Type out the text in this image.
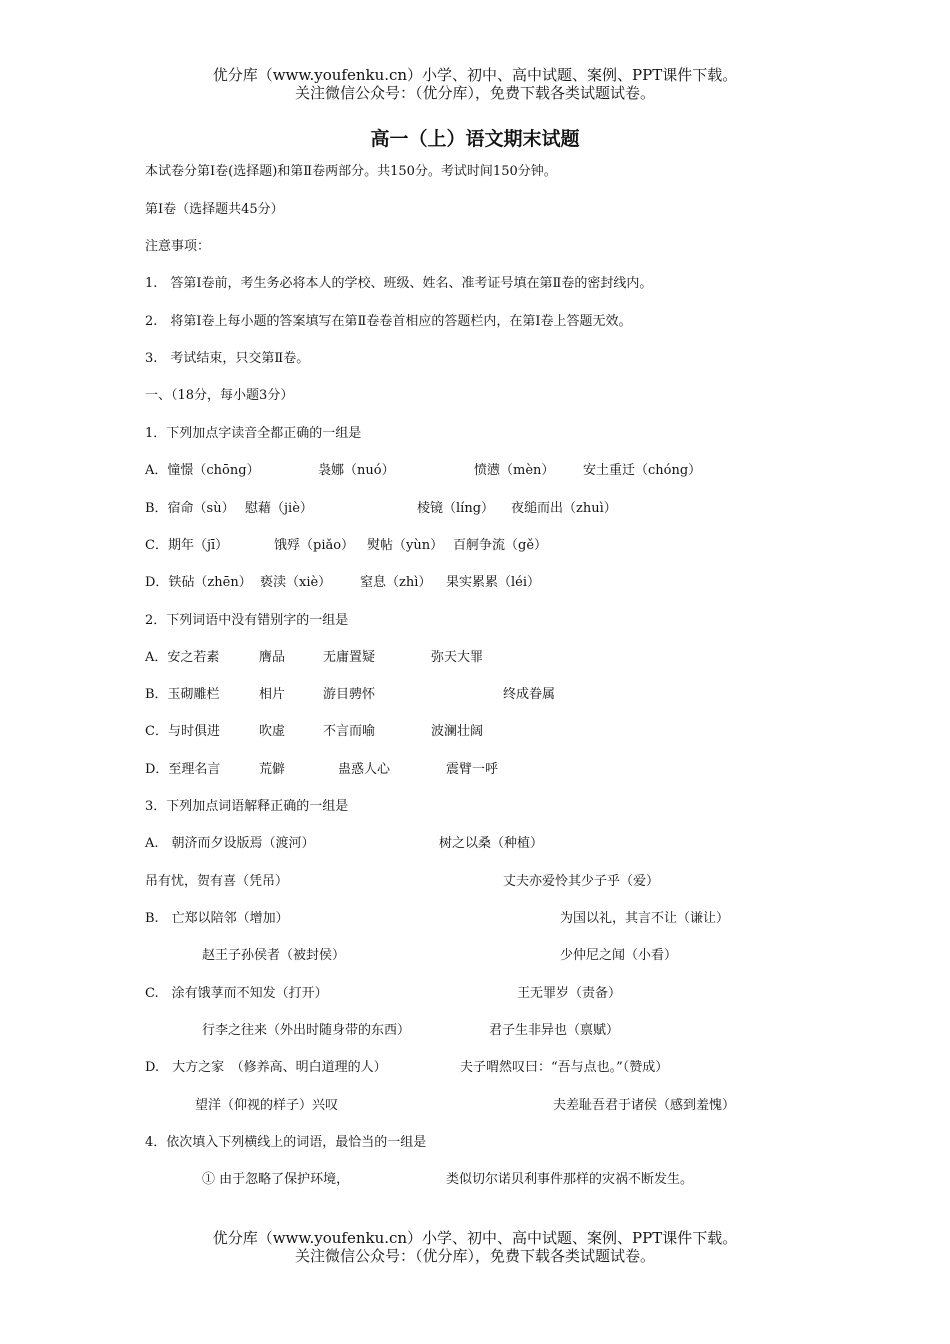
优分库（www.youfenku.cn）小学、初中、高中试题、案例、PPT课件下载。
关注微信公众号：（优分库），免费下载各类试题试卷。
高一（上）语文期末试题
本试卷分第Ⅰ卷(选择题)和第Ⅱ卷两部分。共150分。考试时间150分钟。
第Ⅰ卷（选择题共45分）
注意事项：
1.　答第Ⅰ卷前，考生务必将本人的学校、班级、姓名、准考证号填在第Ⅱ卷的密封线内。
2.　将第Ⅰ卷上每小题的答案填写在第Ⅱ卷卷首相应的答题栏内，在第Ⅰ卷上答题无效。
3.　考试结束，只交第Ⅱ卷。
一、（18分，每小题3分）
1．下列加点字读音全都正确的一组是
A．憧憬（chōng）	袅娜（nuó）	愤懑（mèn） 安土重迁（chóng）
B．宿命（sù） 慰藉（jiè）	棱镜（líng） 夜缒而出（zhuì）
C．期年（jī）	饿殍（piǎo） 熨帖（yùn） 百舸争流（gě）
D．铁砧（zhēn） 亵渎（xiè） 窒息（zhì） 果实累累（léi）
2．下列词语中没有错别字的一组是
A．安之若素	膺品	无庸置疑	弥天大罪
B．玉砌雕栏	相片	游目骋怀	终成眷属
C．与时俱进	吹虚	不言而喻	波澜壮阔
D．至理名言	荒僻	蛊惑人心	震臂一呼
3．下列加点词语解释正确的一组是
A.　朝济而夕设版焉（渡河）	树之以桑（种植）
吊有忧，贺有喜（凭吊）	丈夫亦爱怜其少子乎（爱）
B.　亡郑以陪邻（增加）	为国以礼，其言不让（谦让）
赵王子孙侯者（被封侯）	少仲尼之闻（小看）
C.　涂有饿莩而不知发（打开）	王无罪岁（责备）
行李之往来（外出时随身带的东西）	君子生非异也（禀赋）
D.　大方之家　（修养高、明白道理的人）	夫子喟然叹曰：“吾与点也。”（赞成）
望洋（仰视的样子）兴叹	夫差耻吾君于诸侯（感到羞愧）
4．依次填入下列横线上的词语，最恰当的一组是
① 由于忽略了保护环境，	类似切尔诺贝利事件那样的灾祸不断发生。
优分库（www.youfenku.cn）小学、初中、高中试题、案例、PPT课件下载。
关注微信公众号：（优分库），免费下载各类试题试卷。
